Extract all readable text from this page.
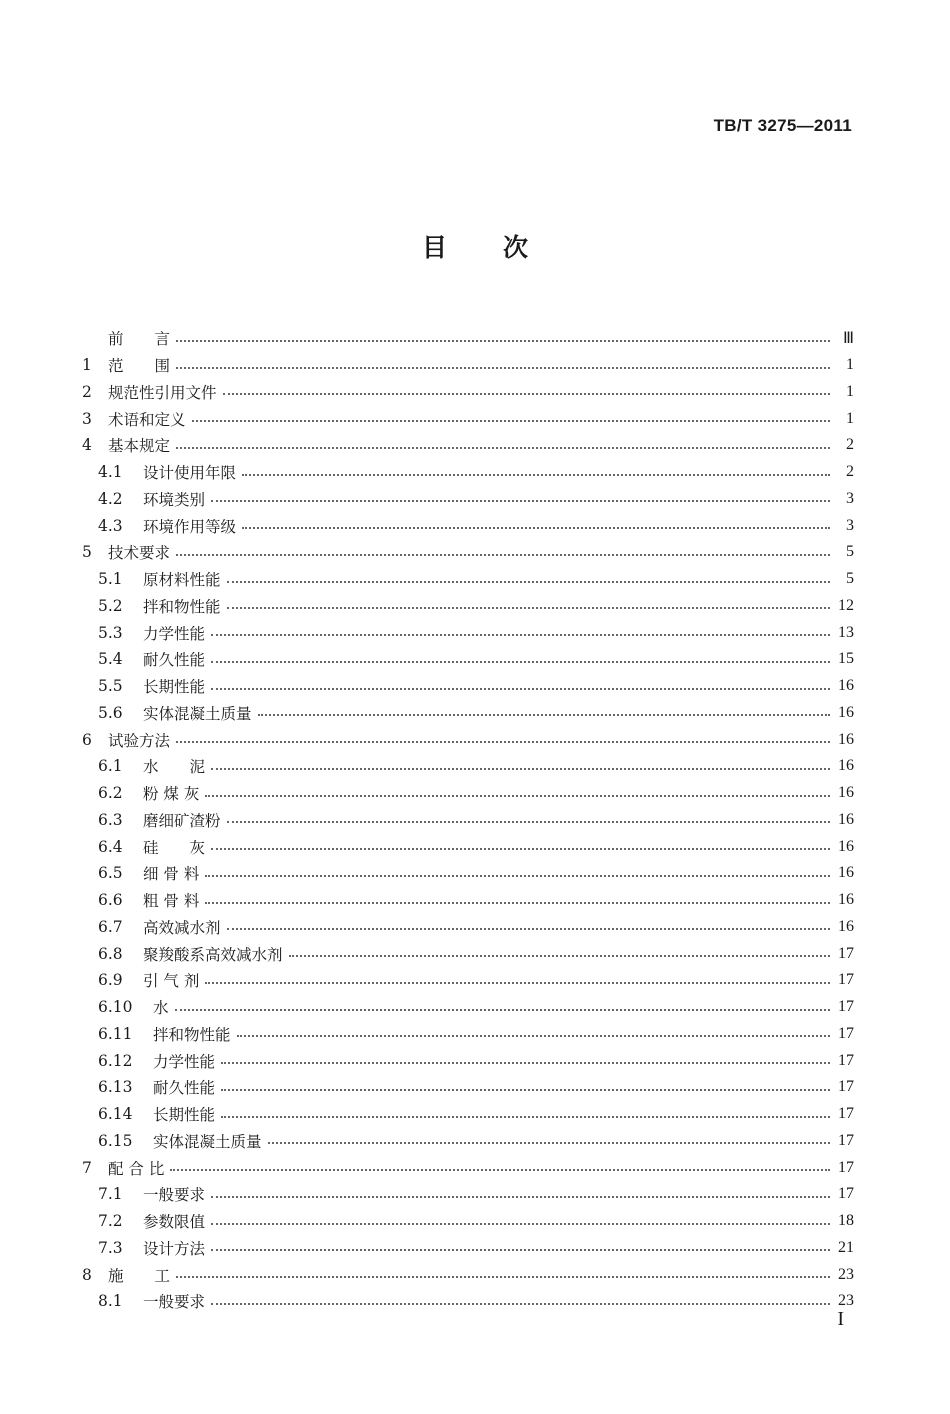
TB/T 3275—2011
目 次
前　　言	Ⅲ
1	范　　围	1
2	规范性引用文件	1
3	术语和定义	1
4	基本规定	2
4.1	设计使用年限	2
4.2	环境类别	3
4.3	环境作用等级	3
5	技术要求	5
5.1	原材料性能	5
5.2	拌和物性能	12
5.3	力学性能	13
5.4	耐久性能	15
5.5	长期性能	16
5.6	实体混凝土质量	16
6	试验方法	16
6.1	水　　泥	16
6.2	粉 煤 灰	16
6.3	磨细矿渣粉	16
6.4	硅　　灰	16
6.5	细 骨 料	16
6.6	粗 骨 料	16
6.7	高效减水剂	16
6.8	聚羧酸系高效减水剂	17
6.9	引 气 剂	17
6.10	水	17
6.11	拌和物性能	17
6.12	力学性能	17
6.13	耐久性能	17
6.14	长期性能	17
6.15	实体混凝土质量	17
7	配 合 比	17
7.1	一般要求	17
7.2	参数限值	18
7.3	设计方法	21
8	施　　工	23
8.1	一般要求	23
I
